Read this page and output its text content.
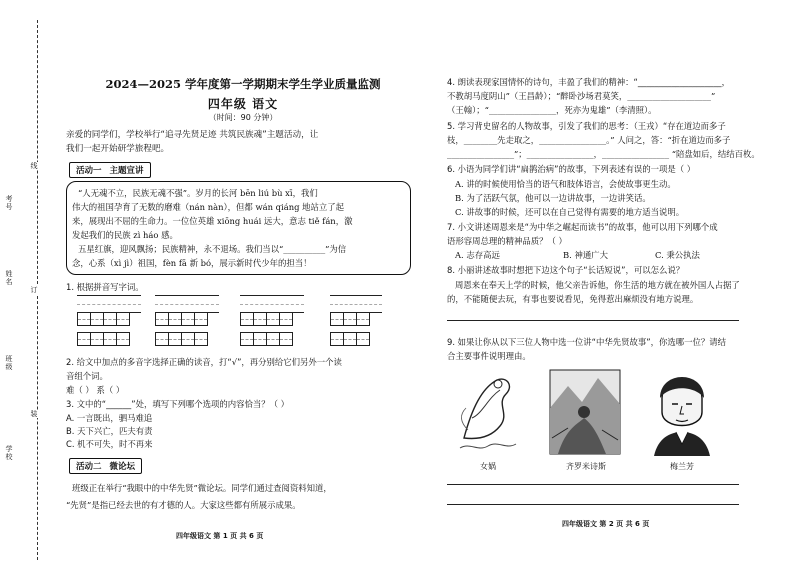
学校
班级
姓名
考号
线
订
装
2024—2025 学年度第一学期期末学生学业质量监测
四年级 语文
（时间：90 分钟）
亲爱的同学们，学校举行“追寻先贤足迹 共筑民族魂”主题活动，让
我们一起开始研学旅程吧。
活动一 主题宣讲
“人无魂不立，民族无魂不强”。岁月的长河 bēn liú bù xī，我们
伟大的祖国孕育了无数的磨难（nán nàn），但都 wán qiáng 地站立了起
来，展现出不屈的生命力。一位位英雄 xiōng huái 远大，意志 tiě fán，激
发起我们的民族 zì háo 感。
五星红旗，迎风飘扬；民族精神，永不退场。我们当以“__________”为信
念，心系（xì jì）祖国，fèn fā 新 bó，展示新时代少年的担当！
1. 根据拼音写字词。
2. 给文中加点的多音字选择正确的读音，打“√”，再分别给它们另外一个读
音组个词。
难（ ） 系（ ）
3. 文中的“______”处，填写下列哪个选项的内容恰当？（ ）
A. 一言既出，驷马难追
B. 天下兴亡，匹夫有责
C. 机不可失，时不再来
活动二 微论坛
班级正在举行“我眼中的中华先贤”微论坛。同学们通过查阅资料知道，
“先贤”是指已经去世的有才德的人。大家这些都有所展示成果。
四年级语文 第 1 页 共 6 页
4. 朗读表现家国情怀的诗句，丰盈了我们的精神：“____________________，
不教胡马度阴山”（王昌龄）；“醉卧沙场君莫笑，____________________”
（王翰）；“________________，死亦为鬼雄”（李清照）。
5. 学习背史留名的人物故事，引发了我们的思考：（王戎）“存在道边而多子
枝，________先走取之，________________。” 人问之，答：“折在道边而多子
________________”；________________，________________ “陪盘如后，结结百枚。
6. 小语为同学们讲“扁鹊治病”的故事，下列表述有误的一项是（ ）
A. 讲的时候使用恰当的语气和肢体语言，会使故事更生动。
B. 为了活跃气氛，他可以一边讲故事，一边讲笑话。
C. 讲故事的时候，还可以在自己觉得有需要的地方适当说明。
7. 小文讲述周恩来是“为中华之崛起而读书”的故事，他可以用下列哪个成
语形容周总理的精神品质？（ ）
A. 志存高远	B. 神通广大	C. 秉公执法
8. 小丽讲述故事时想把下边这个句子“长话短说”，可以怎么说？
周恩来在奉天上学的时候，他父亲告诉他，你生活的地方就在被外国人占据了
的，不能随便去玩，有事也要说看见，免得惹出麻烦没有地方说理。
9. 如果让你从以下三位人物中选一位讲“中华先贤故事”，你选哪一位？请结
合主要事件说明理由。
女娲	齐罗米诗斯	梅兰芳
四年级语文 第 2 页 共 6 页
